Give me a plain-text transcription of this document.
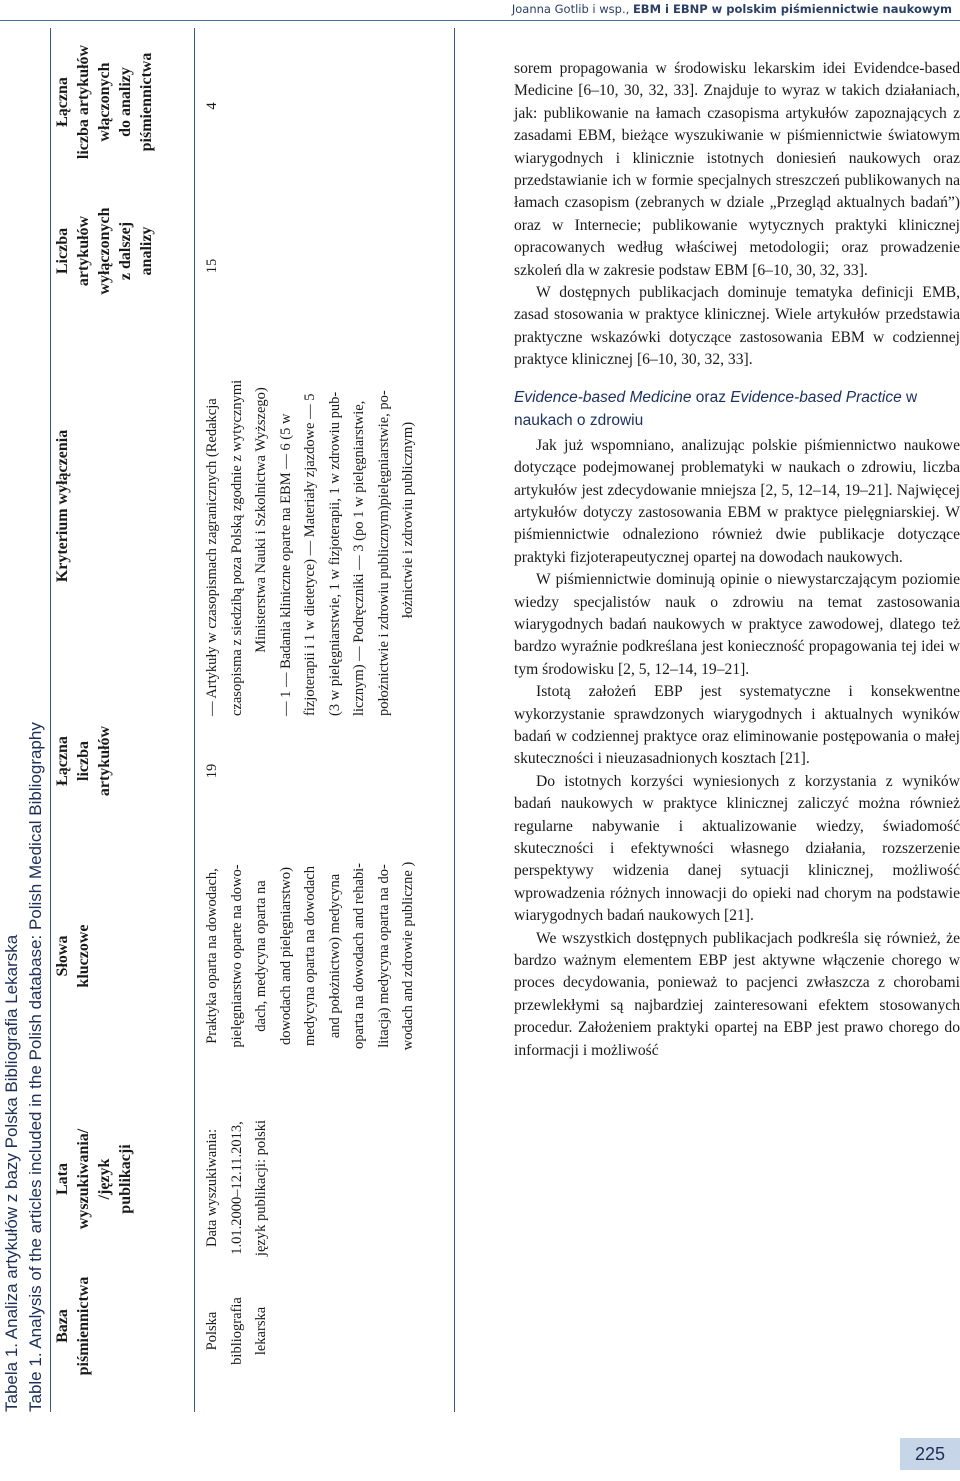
Joanna Gotlib i wsp., EBM i EBNP w polskim piśmiennictwie naukowym
Tabela 1. Analiza artykułów z bazy Polska Bibliografia Lekarska Table 1. Analysis of the articles included in the Polish database: Polish Medical Bibliography Baza piśmiennictwa
Lata wyszukiwania/ /język publikacji
Słowa kluczowe
Łączna liczba artykułów
Kryterium wyłączenia
Liczba artykułów wyłączonych z dalszej analizy
Łączna liczba artykułów włączonych do analizy piśmiennictwa
Polska bibliografia lekarska
Data wyszukiwania: 1.01.2000–12.11.2013, język publikacji: polski
Praktyka oparta na dowodach, pielęgniarstwo oparte na dowo- dach, medycyna oparta na dowodach and pielęgniarstwo) medycyna oparta na dowodach and położnictwo) medycyna oparta na dowodach and rehabi- litacja) medycyna oparta na do- wodach and zdrowie publiczne )
19
— Artykuły w czasopismach zagranicznych (Redakcja czasopisma z siedzibą poza Polską zgodnie z wytycznymi Ministerstwa Nauki i Szkolnictwa Wyższego) — 1 — Badania kliniczne oparte na EBM — 6 (5 w fizjoterapii i 1 w dietetyce) — Materiały zjazdowe — 5 (3 w pielęgniarstwie, 1 w fizjoterapii, 1 w zdrowiu pub- licznym) — Podręczniki — 3 (po 1 w pielęgniarstwie, położnictwie i zdrowiu publicznym)pielęgniarstwie, po- łożnictwie i zdrowiu publicznym)
15
4

sorem propagowania w środowisku lekarskim idei Evidendce-based Medicine [6–10, 30, 32, 33]. Znajduje to wyraz w takich działaniach, jak: publikowanie na łamach czasopisma artykułów zapoznających z zasadami EBM, bieżące wyszukiwanie w piśmiennictwie światowym wiarygodnych i klinicznie istotnych doniesień naukowych oraz przedstawianie ich w formie specjalnych streszczeń publikowanych na łamach czasopism (zebranych w dziale „Przegląd aktualnych badań”) oraz w Internecie; publikowanie wytycznych praktyki klinicznej opracowanych według właściwej metodologii; oraz prowadzenie szkoleń dla w zakresie podstaw EBM [6–10, 30, 32, 33].

W dostępnych publikacjach dominuje tematyka definicji EMB, zasad stosowania w praktyce klinicznej. Wiele artykułów przedstawia praktyczne wskazówki dotyczące zastosowania EBM w codziennej praktyce klinicznej [6–10, 30, 32, 33].

Evidence-based Medicine oraz Evidence-based Practice w naukach o zdrowiu

Jak już wspomniano, analizując polskie piśmiennictwo naukowe dotyczące podejmowanej problematyki w naukach o zdrowiu, liczba artykułów jest zdecydowanie mniejsza [2, 5, 12–14, 19–21]. Najwięcej artykułów dotyczy zastosowania EBM w praktyce pielęgniarskiej. W piśmiennictwie odnaleziono również dwie publikacje dotyczące praktyki fizjoterapeutycznej opartej na dowodach naukowych.

W piśmiennictwie dominują opinie o niewystarczającym poziomie wiedzy specjalistów nauk o zdrowiu na temat zastosowania wiarygodnych badań naukowych w praktyce zawodowej, dlatego też bardzo wyraźnie podkreślana jest konieczność propagowania tej idei w tym środowisku [2, 5, 12–14, 19–21].

Istotą założeń EBP jest systematyczne i konsekwentne wykorzystanie sprawdzonych wiarygodnych i aktualnych wyników badań w codziennej praktyce oraz eliminowanie postępowania o małej skuteczności i nieuzasadnionych kosztach [21].

Do istotnych korzyści wyniesionych z korzystania z wyników badań naukowych w praktyce klinicznej zaliczyć można również regularne nabywanie i aktualizowanie wiedzy, świadomość skuteczności i efektywności własnego działania, rozszerzenie perspektywy widzenia danej sytuacji klinicznej, możliwość wprowadzenia różnych innowacji do opieki nad chorym na podstawie wiarygodnych badań naukowych [21].

We wszystkich dostępnych publikacjach podkreśla się również, że bardzo ważnym elementem EBP jest aktywne włączenie chorego w proces decydowania, ponieważ to pacjenci zwłaszcza z chorobami przewlekłymi są najbardziej zainteresowani efektem stosowanych procedur. Założeniem praktyki opartej na EBP jest prawo chorego do informacji i możliwość

225
